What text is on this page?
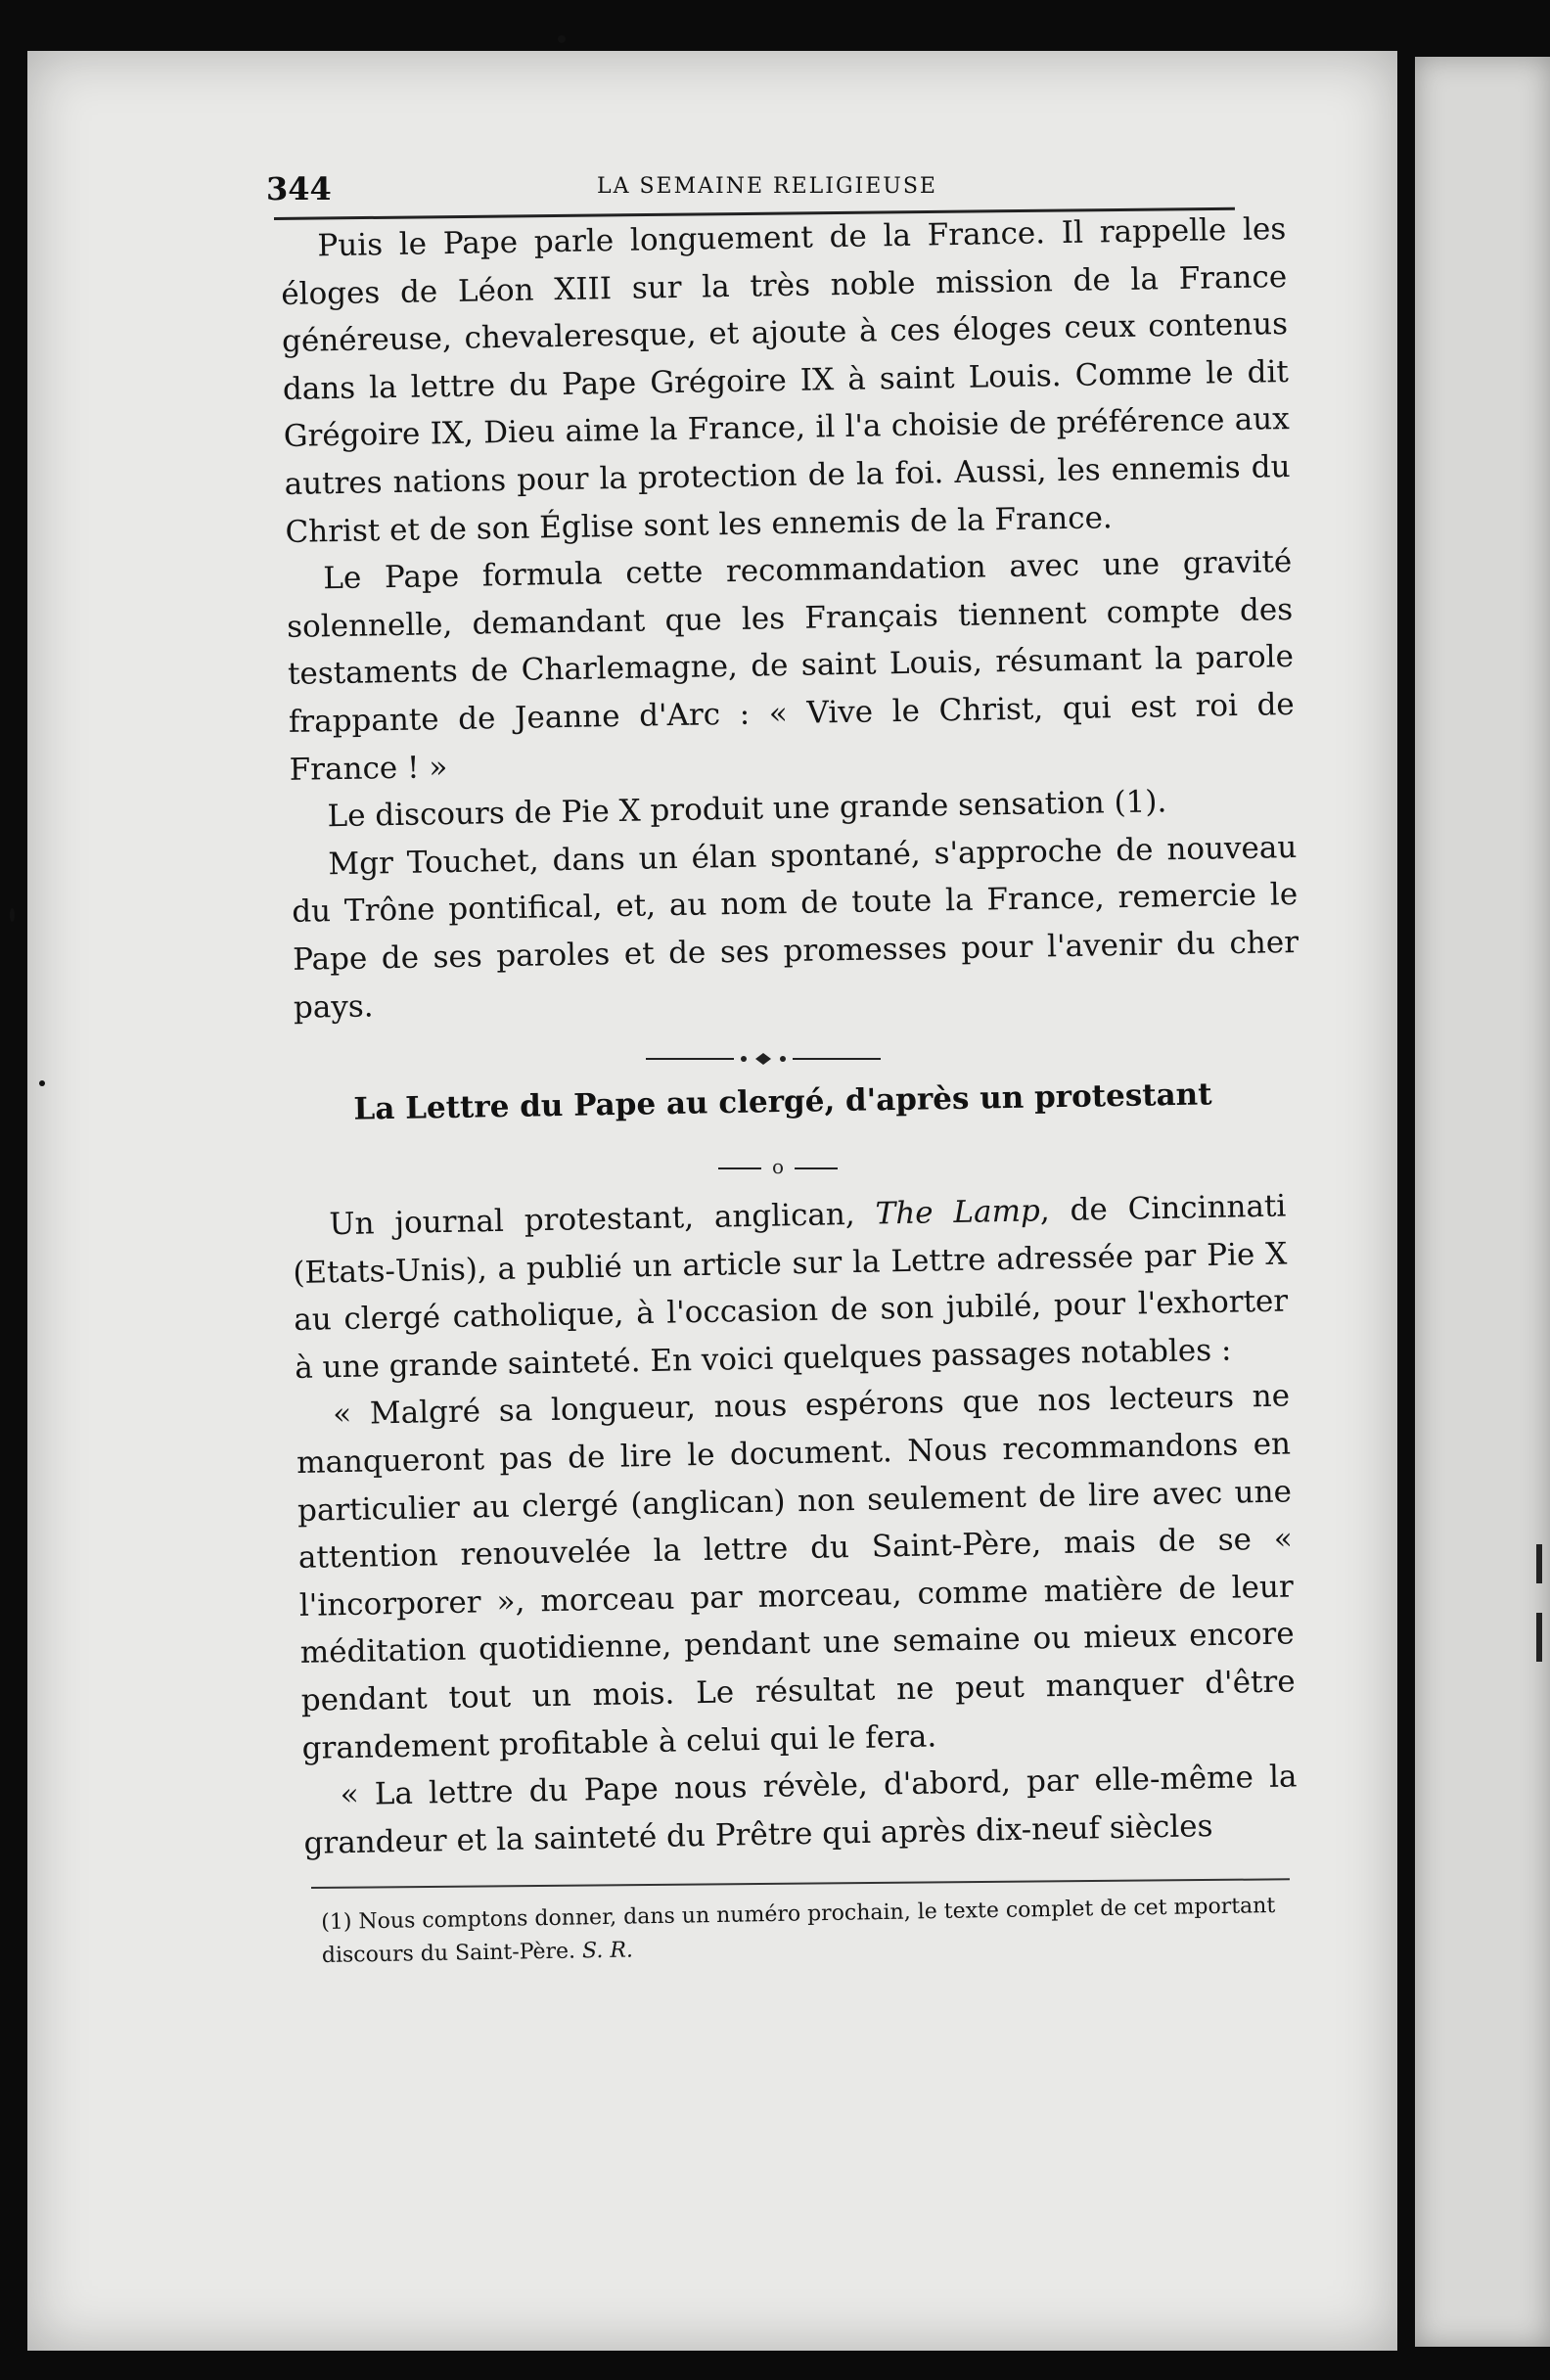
344	LA SEMAINE RELIGIEUSE

Puis le Pape parle longuement de la France. Il rappelle les éloges de Léon XIII sur la très noble mission de la France généreuse, chevaleresque, et ajoute à ces éloges ceux contenus dans la lettre du Pape Grégoire IX à saint Louis. Comme le dit Grégoire IX, Dieu aime la France, il l'a choisie de préférence aux autres nations pour la protection de la foi. Aussi, les ennemis du Christ et de son Église sont les ennemis de la France.

Le Pape formula cette recommandation avec une gravité solennelle, demandant que les Français tiennent compte des testaments de Charlemagne, de saint Louis, résumant la parole frappante de Jeanne d'Arc : « Vive le Christ, qui est roi de France ! »

Le discours de Pie X produit une grande sensation (1).

Mgr Touchet, dans un élan spontané, s'approche de nouveau du Trône pontifical, et, au nom de toute la France, remercie le Pape de ses paroles et de ses promesses pour l'avenir du cher pays.

La Lettre du Pape au clergé, d'après un protestant
o

Un journal protestant, anglican, The Lamp, de Cincinnati (Etats-Unis), a publié un article sur la Lettre adressée par Pie X au clergé catholique, à l'occasion de son jubilé, pour l'exhorter à une grande sainteté. En voici quelques passages notables :

« Malgré sa longueur, nous espérons que nos lecteurs ne manqueront pas de lire le document. Nous recommandons en particulier au clergé (anglican) non seulement de lire avec une attention renouvelée la lettre du Saint-Père, mais de se « l'incorporer », morceau par morceau, comme matière de leur méditation quotidienne, pendant une semaine ou mieux encore pendant tout un mois. Le résultat ne peut manquer d'être grandement profitable à celui qui le fera.

« La lettre du Pape nous révèle, d'abord, par elle-même la grandeur et la sainteté du Prêtre qui après dix-neuf siècles

(1) Nous comptons donner, dans un numéro prochain, le texte complet de cet mportant discours du Saint-Père. S. R.
